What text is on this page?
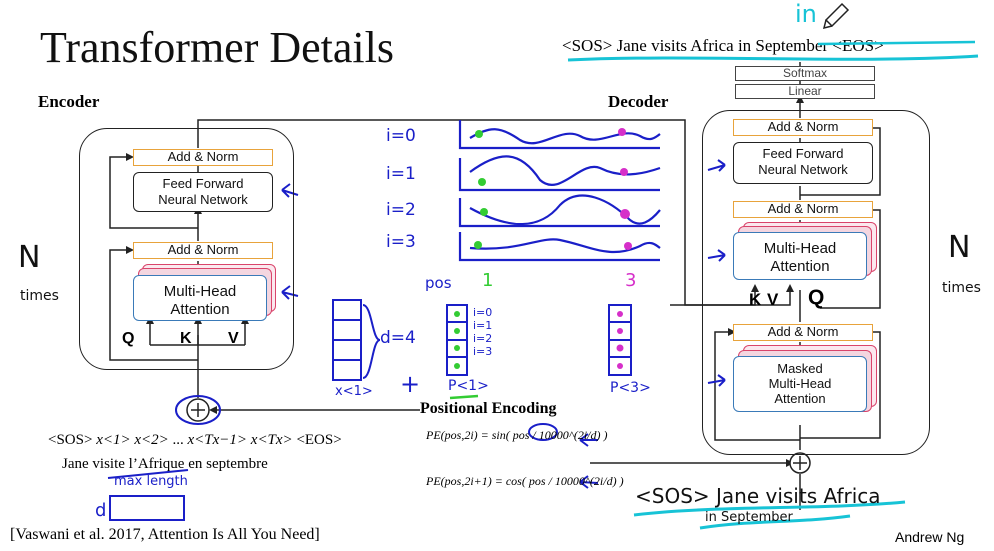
Transformer Details	<SOS> Jane visits Africa in September <EOS>
in
Encoder
Add & Norm
Feed Forward
Neural Network
Add & Norm
Multi-Head
Attention
Q	K V
N
times
Decoder
Softmax
Linear
Add & Norm
Feed Forward
Neural Network
Add & Norm
Multi-Head
Attention
K V Q
Add & Norm
Masked
Multi-Head
Attention
N
times
i=0
i=1
i=2
i=3
pos 1	3
d=4
x<1> + P<1>	P<3>
i=0
i=1
i=2
i=3
Positional Encoding
PE(pos,2i) = sin( pos / 10000^(2i/d) )
PE(pos,2i+1) = cos( pos / 10000^(2i/d) )
<SOS> x<1> x<2> ... x<Tx−1> x<Tx> <EOS>
Jane visite l’Afrique en septembre
max length
d
<SOS> Jane visits Africa
in September
[Vaswani et al. 2017, Attention Is All You Need]	Andrew Ng
